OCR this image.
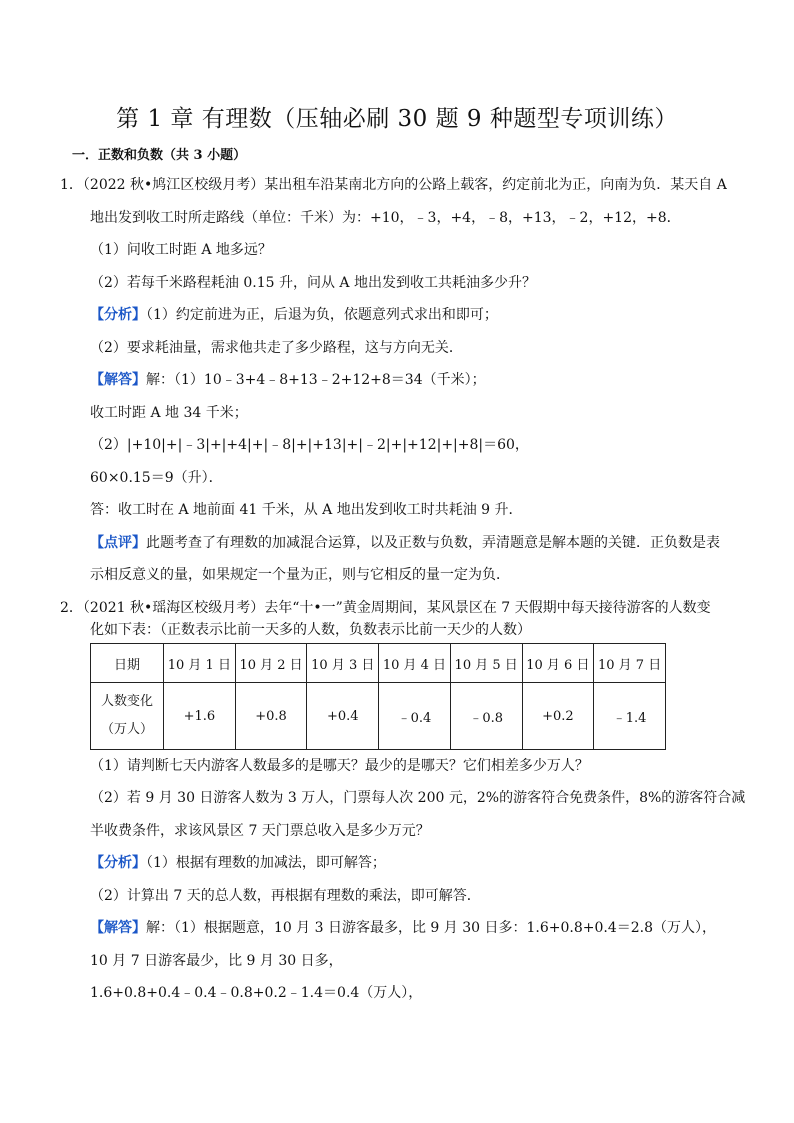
第 1 章 有理数（压轴必刷 30 题 9 种题型专项训练）
一．正数和负数（共 3 小题）
1．（2022 秋•鸠江区校级月考）某出租车沿某南北方向的公路上载客，约定前北为正，向南为负．某天自 A
地出发到收工时所走路线（单位：千米）为：+10，﹣3，+4，﹣8，+13，﹣2，+12，+8．
（1）问收工时距 A 地多远？
（2）若每千米路程耗油 0.15 升，问从 A 地出发到收工共耗油多少升？
【分析】（1）约定前进为正，后退为负，依题意列式求出和即可；
（2）要求耗油量，需求他共走了多少路程，这与方向无关．
【解答】解：（1）10﹣3+4﹣8+13﹣2+12+8＝34（千米）；
收工时距 A 地 34 千米；
（2）|+10|+|﹣3|+|+4|+|﹣8|+|+13|+|﹣2|+|+12|+|+8|＝60，
60×0.15＝9（升）．
答：收工时在 A 地前面 41 千米，从 A 地出发到收工时共耗油 9 升．
【点评】此题考查了有理数的加减混合运算，以及正数与负数，弄清题意是解本题的关键．正负数是表
示相反意义的量，如果规定一个量为正，则与它相反的量一定为负．
2．（2021 秋•瑶海区校级月考）去年“十•一”黄金周期间，某风景区在 7 天假期中每天接待游客的人数变
化如下表：（正数表示比前一天多的人数，负数表示比前一天少的人数）
日期	10 月 1 日	10 月 2 日	10 月 3 日	10 月 4 日	10 月 5 日	10 月 6 日	10 月 7 日
人数变化
（万人）	+1.6	+0.8	+0.4	﹣0.4	﹣0.8	+0.2	﹣1.4
（1）请判断七天内游客人数最多的是哪天？最少的是哪天？它们相差多少万人？
（2）若 9 月 30 日游客人数为 3 万人，门票每人次 200 元，2%的游客符合免费条件，8%的游客符合减
半收费条件，求该风景区 7 天门票总收入是多少万元？
【分析】（1）根据有理数的加减法，即可解答；
（2）计算出 7 天的总人数，再根据有理数的乘法，即可解答．
【解答】解：（1）根据题意，10 月 3 日游客最多，比 9 月 30 日多：1.6+0.8+0.4＝2.8（万人），
10 月 7 日游客最少，比 9 月 30 日多，
1.6+0.8+0.4﹣0.4﹣0.8+0.2﹣1.4＝0.4（万人），
